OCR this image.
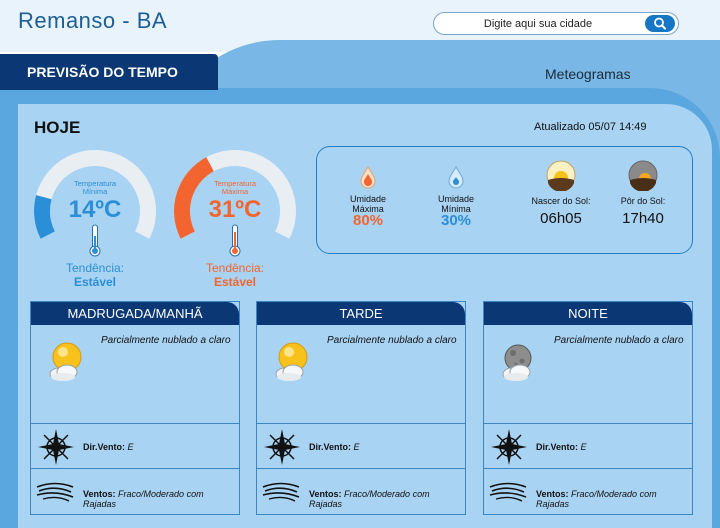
Remanso - BA
Digite aqui sua cidade
PREVISÃO DO TEMPO	Meteogramas
HOJE	Atualizado 05/07 14:49
Temperatura
Mínima
14ºC
Tendência:
Estável
Temperatura
Máxima
31ºC
Tendência:
Estável
Umidade
Máxima
80%
Umidade
Mínima
30%
Nascer do Sol:
06h05
Pôr do Sol:
17h40
MADRUGADA/MANHÃ
Parcialmente nublado a claro
Dir.Vento: E
Ventos: Fraco/Moderado com Rajadas
TARDE
Parcialmente nublado a claro
Dir.Vento: E
Ventos: Fraco/Moderado com Rajadas
NOITE
Parcialmente nublado a claro
Dir.Vento: E
Ventos: Fraco/Moderado com Rajadas
